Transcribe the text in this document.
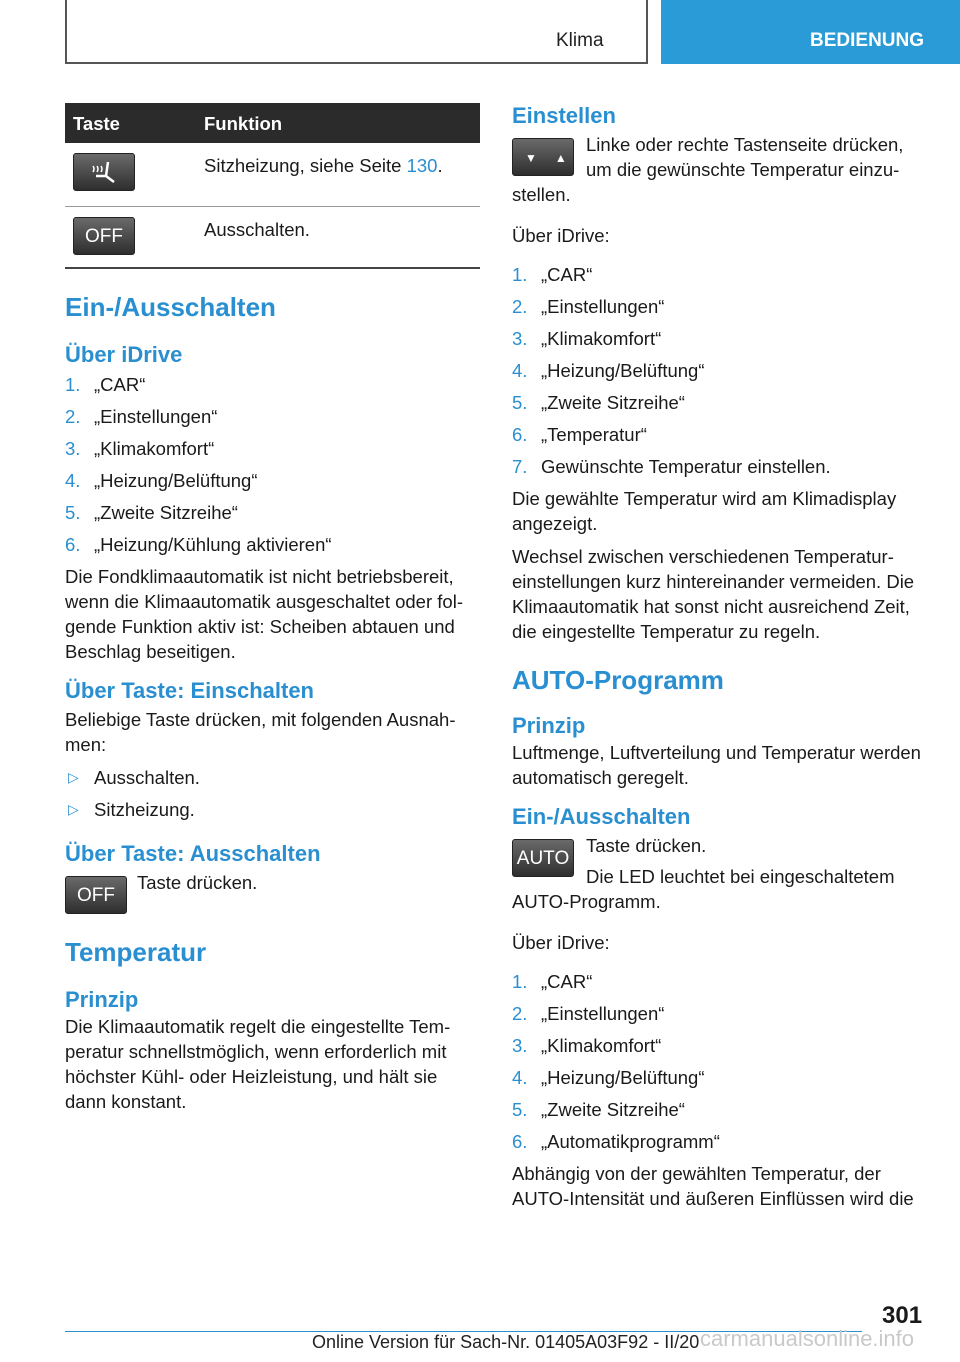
Klima	BEDIENUNG
Taste	Funktion
	Sitzheizung, siehe Seite 130.
OFF	Ausschalten.
Ein-/Ausschalten
Über iDrive
1. „CAR“
2. „Einstellungen“
3. „Klimakomfort“
4. „Heizung/Belüftung“
5. „Zweite Sitzreihe“
6. „Heizung/Kühlung aktivieren“

Die Fondklimaautomatik ist nicht betriebsbereit, wenn die Klimaautomatik ausgeschaltet oder folgende Funktion aktiv ist: Scheiben abtauen und Beschlag beseitigen.

Über Taste: Einschalten

Beliebige Taste drücken, mit folgenden Ausnahmen:

▷ Ausschalten.
▷ Sitzheizung.
Über Taste: Ausschalten
OFF
Taste drücken.
Temperatur
Prinzip

Die Klimaautomatik regelt die eingestellte Temperatur schnellstmöglich, wenn erforderlich mit höchster Kühl- oder Heizleistung, und hält sie dann konstant.

Einstellen
▼▲

Linke oder rechte Tastenseite drücken, um die gewünschte Temperatur einzustellen.

Über iDrive:

1. „CAR“
2. „Einstellungen“
3. „Klimakomfort“
4. „Heizung/Belüftung“
5. „Zweite Sitzreihe“
6. „Temperatur“
7. Gewünschte Temperatur einstellen.

Die gewählte Temperatur wird am Klimadisplay angezeigt.

Wechsel zwischen verschiedenen Temperatureinstellungen kurz hintereinander vermeiden. Die Klimaautomatik hat sonst nicht ausreichend Zeit, die eingestellte Temperatur zu regeln.

AUTO-Programm
Prinzip

Luftmenge, Luftverteilung und Temperatur werden automatisch geregelt.

Ein-/Ausschalten
AUTO

Taste drücken.

Die LED leuchtet bei eingeschaltetem AUTO-Programm.

Über iDrive:

1. „CAR“
2. „Einstellungen“
3. „Klimakomfort“
4. „Heizung/Belüftung“
5. „Zweite Sitzreihe“
6. „Automatikprogramm“

Abhängig von der gewählten Temperatur, der AUTO-Intensität und äußeren Einflüssen wird die

301
Online Version für Sach-Nr. 01405A03F92 - II/20 carmanualsonline.info
